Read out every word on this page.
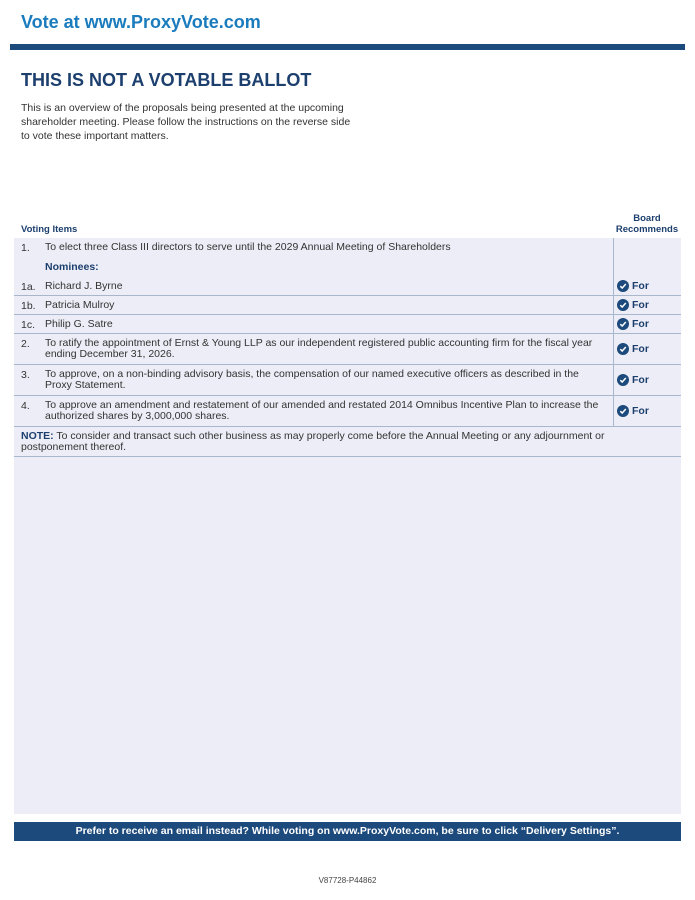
Vote at www.ProxyVote.com
THIS IS NOT A VOTABLE BALLOT
This is an overview of the proposals being presented at the upcoming shareholder meeting. Please follow the instructions on the reverse side to vote these important matters.
Voting Items
Board
Recommends
1. To elect three Class III directors to serve until the 2029 Annual Meeting of Shareholders
Nominees:
1a. Richard J. Byrne	For
1b. Patricia Mulroy	For
1c. Philip G. Satre	For
2. To ratify the appointment of Ernst & Young LLP as our independent registered public accounting firm for the fiscal year ending December 31, 2026.	For
3. To approve, on a non-binding advisory basis, the compensation of our named executive officers as described in the Proxy Statement.	For
4. To approve an amendment and restatement of our amended and restated 2014 Omnibus Incentive Plan to increase the authorized shares by 3,000,000 shares.	For
NOTE: To consider and transact such other business as may properly come before the Annual Meeting or any adjournment or postponement thereof.
Prefer to receive an email instead? While voting on www.ProxyVote.com, be sure to click “Delivery Settings”.
V87728-P44862
